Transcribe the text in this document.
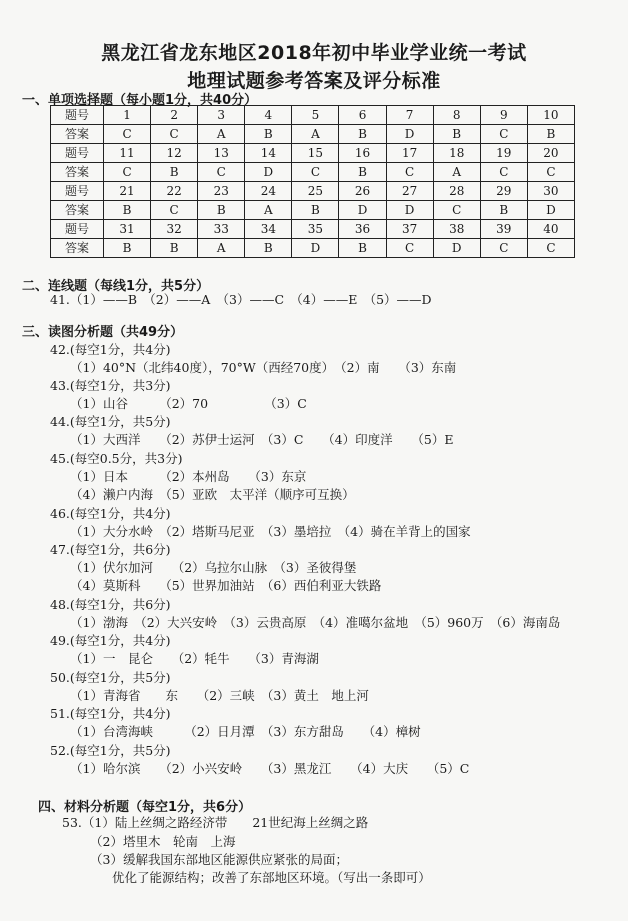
黑龙江省龙东地区2018年初中毕业学业统一考试
地理试题参考答案及评分标准
一、单项选择题（每小题1分，共40分）
题号	1	2	3	4	5	6	7	8	9	10
答案	C	C	A	B	A	B	D	B	C	B
题号	11	12	13	14	15	16	17	18	19	20
答案	C	B	C	D	C	B	C	A	C	C
题号	21	22	23	24	25	26	27	28	29	30
答案	B	C	B	A	B	D	D	C	B	D
题号	31	32	33	34	35	36	37	38	39	40
答案	B	B	A	B	D	B	C	D	C	C
二、连线题（每线1分，共5分）
41.（1）——B　（2）——A　（3）——C　（4）——E　（5）——D
三、读图分析题（共49分）
42.(每空1分，共4分)
（1）40°N（北纬40度），70°W（西经70度）　（2）南　　（3）东南
43.(每空1分，共3分)
（1）山谷　　　（2）70　　　　　（3）C
44.(每空1分，共5分)
（1）大西洋　　（2）苏伊士运河　（3）C　　（4）印度洋　　（5）E
45.(每空0.5分，共3分)
（1）日本　　　（2）本州岛　　（3）东京
（4）濑户内海　（5）亚欧　太平洋（顺序可互换）
46.(每空1分，共4分)
（1）大分水岭　（2）塔斯马尼亚　（3）墨培拉　（4）骑在羊背上的国家
47.(每空1分，共6分)
（1）伏尔加河　　（2）乌拉尔山脉　（3）圣彼得堡
（4）莫斯科　　（5）世界加油站　（6）西伯利亚大铁路
48.(每空1分，共6分)
（1）渤海　（2）大兴安岭　（3）云贵高原　（4）准噶尔盆地　（5）960万　（6）海南岛
49.(每空1分，共4分)
（1）一　昆仑　　（2）牦牛　　（3）青海湖
50.(每空1分，共5分)
（1）青海省　　东　　（2）三峡　（3）黄土　地上河
51.(每空1分，共4分)
（1）台湾海峡　　　（2）日月潭　（3）东方甜岛　　（4）樟树
52.(每空1分，共5分)
（1）哈尔滨　　（2）小兴安岭　　（3）黑龙江　　（4）大庆　　（5）C
四、材料分析题（每空1分，共6分）
53.（1）陆上丝绸之路经济带　　21世纪海上丝绸之路
（2）塔里木　轮南　上海
（3）缓解我国东部地区能源供应紧张的局面；
优化了能源结构；改善了东部地区环境。（写出一条即可）
